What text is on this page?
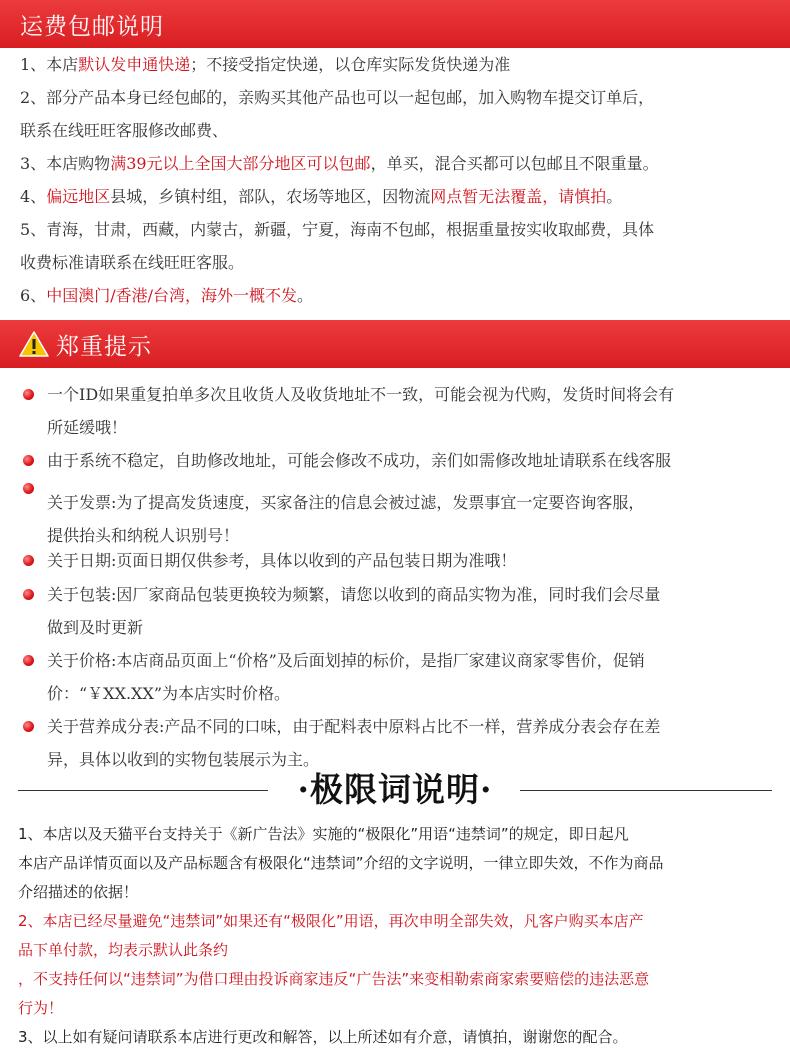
运费包邮说明
1、本店默认发申通快递；不接受指定快递，以仓库实际发货快递为准
2、部分产品本身已经包邮的，亲购买其他产品也可以一起包邮，加入购物车提交订单后，
联系在线旺旺客服修改邮费、
3、本店购物满39元以上全国大部分地区可以包邮，单买，混合买都可以包邮且不限重量。
4、偏远地区县城，乡镇村组，部队，农场等地区，因物流网点暂无法覆盖，请慎拍。
5、青海，甘肃，西藏，内蒙古，新疆，宁夏，海南不包邮，根据重量按实收取邮费，具体
收费标准请联系在线旺旺客服。
6、中国澳门/香港/台湾，海外一概不发。
郑重提示
一个ID如果重复拍单多次且收货人及收货地址不一致，可能会视为代购，发货时间将会有
所延缓哦！
由于系统不稳定，自助修改地址，可能会修改不成功，亲们如需修改地址请联系在线客服
关于发票:为了提高发货速度，买家备注的信息会被过滤，发票事宜一定要咨询客服，
提供抬头和纳税人识别号！
关于日期:页面日期仅供参考，具体以收到的产品包装日期为准哦！
关于包装:因厂家商品包装更换较为频繁，请您以收到的商品实物为准，同时我们会尽量
做到及时更新
关于价格:本店商品页面上“价格”及后面划掉的标价，是指厂家建议商家零售价，促销
价：“￥XX.XX”为本店实时价格。
关于营养成分表:产品不同的口味，由于配料表中原料占比不一样，营养成分表会存在差
异，具体以收到的实物包装展示为主。
·极限词说明·
1、本店以及天猫平台支持关于《新广告法》实施的“极限化”用语“违禁词”的规定，即日起凡
本店产品详情页面以及产品标题含有极限化“违禁词”介绍的文字说明，一律立即失效，不作为商品
介绍描述的依据！
2、本店已经尽量避免“违禁词”如果还有“极限化”用语，再次申明全部失效，凡客户购买本店产
品下单付款，均表示默认此条约
，不支持任何以“违禁词”为借口理由投诉商家违反“广告法”来变相勒索商家索要赔偿的违法恶意
行为！
3、以上如有疑问请联系本店进行更改和解答，以上所述如有介意，请慎拍，谢谢您的配合。
